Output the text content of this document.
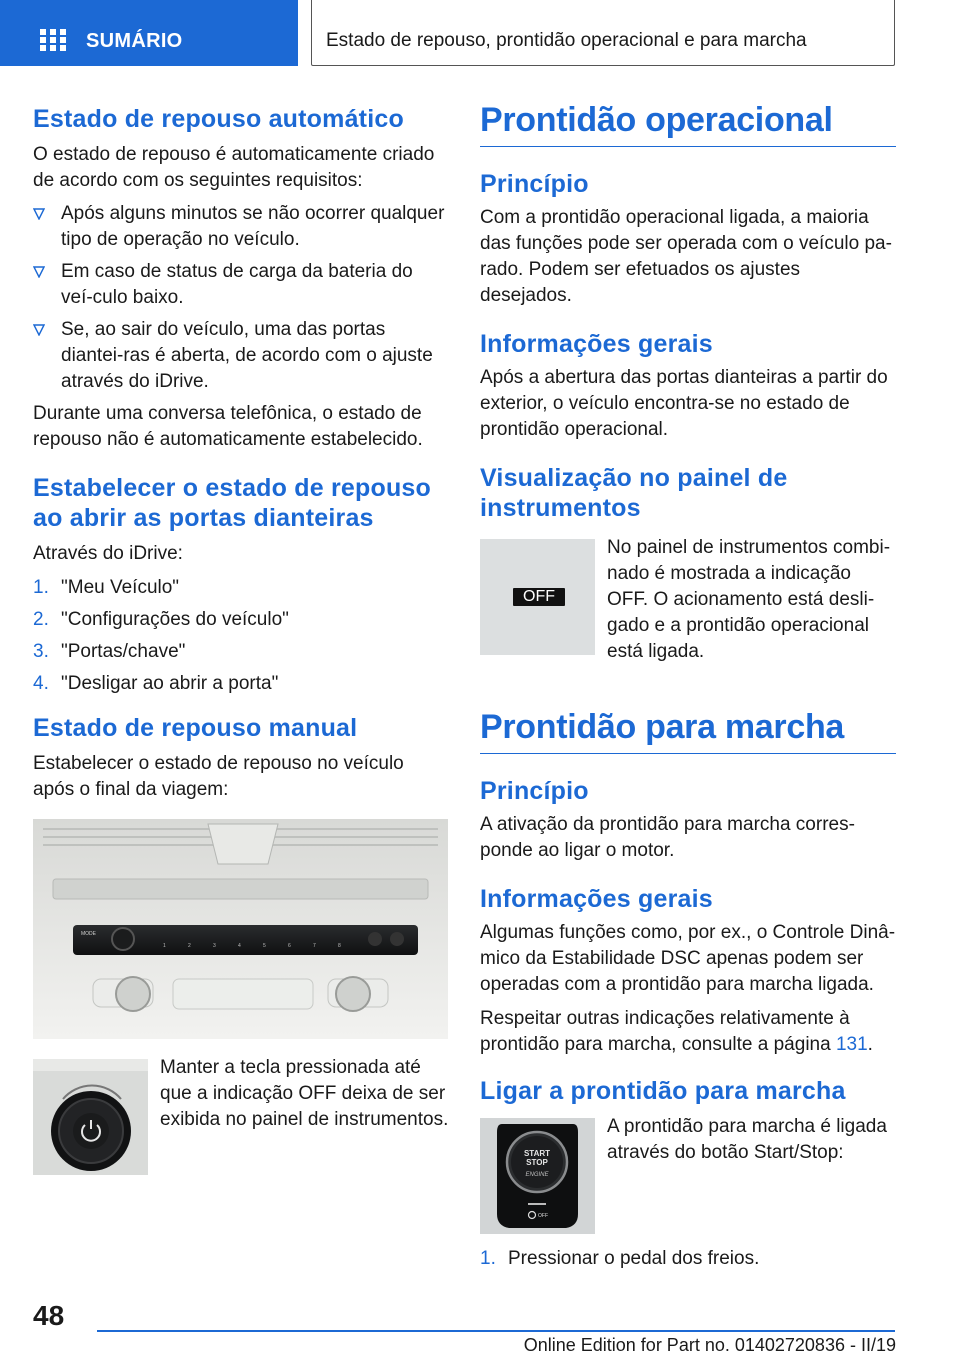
SUMÁRIO	Estado de repouso, prontidão operacional e para marcha
Estado de repouso automático
O estado de repouso é automaticamente criado de acordo com os seguintes requisitos:
Após alguns minutos se não ocorrer qualquer tipo de operação no veículo.
Em caso de status de carga da bateria do veí-culo baixo.
Se, ao sair do veículo, uma das portas diantei-ras é aberta, de acordo com o ajuste através do iDrive.
Durante uma conversa telefônica, o estado de repouso não é automaticamente estabelecido.
Estabelecer o estado de repouso ao abrir as portas dianteiras
Através do iDrive:
1. "Meu Veículo"
2. "Configurações do veículo"
3. "Portas/chave"
4. "Desligar ao abrir a porta"
Estado de repouso manual
Estabelecer o estado de repouso no veículo após o final da viagem:
MODE
1	2	3	4	5	6	7	8
Manter a tecla pressionada até que a indicação OFF deixa de ser exibida no painel de instrumentos.
Prontidão operacional
Princípio
Com a prontidão operacional ligada, a maioria das funções pode ser operada com o veículo pa-rado. Podem ser efetuados os ajustes desejados.
Informações gerais
Após a abertura das portas dianteiras a partir do exterior, o veículo encontra-se no estado de prontidão operacional.
Visualização no painel de instrumentos
OFF
No painel de instrumentos combi-nado é mostrada a indicação OFF. O acionamento está desli-gado e a prontidão operacional está ligada.
Prontidão para marcha
Princípio
A ativação da prontidão para marcha corres-ponde ao ligar o motor.
Informações gerais
Algumas funções como, por ex., o Controle Dinâ-mico da Estabilidade DSC apenas podem ser operadas com a prontidão para marcha ligada.
Respeitar outras indicações relativamente à prontidão para marcha, consulte a página 131.
Ligar a prontidão para marcha
START
STOP
ENGINE
OFF
A prontidão para marcha é ligada através do botão Start/Stop:
1. Pressionar o pedal dos freios.
48
Online Edition for Part no. 01402720836 - II/19
